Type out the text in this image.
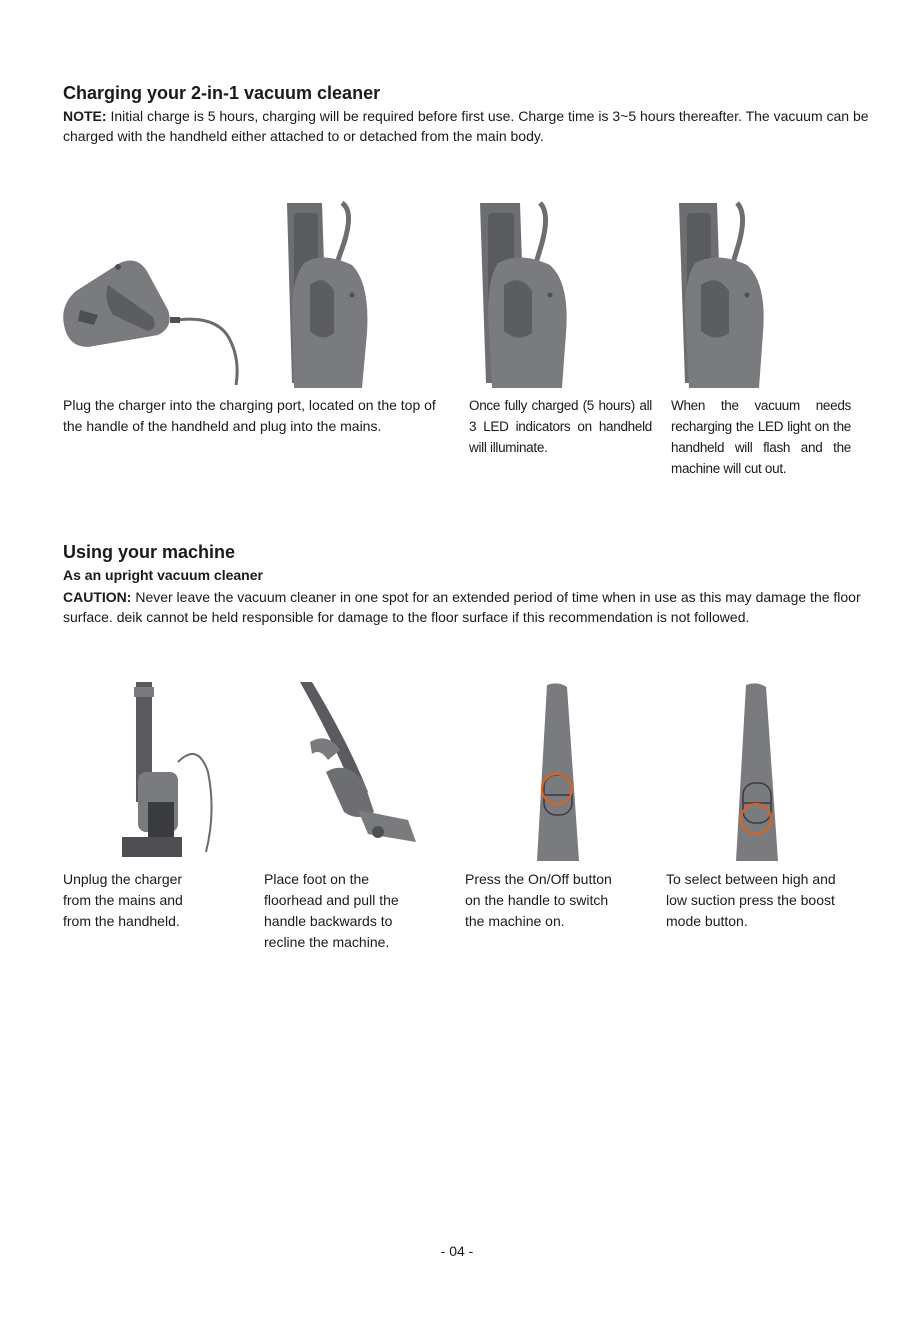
Charging your 2-in-1 vacuum cleaner
NOTE: Initial charge is 5 hours, charging will be required before first use. Charge time is 3~5 hours thereafter. The vacuum can be charged with the handheld either attached to or detached from the main body.
Plug the charger into the charging port, located on the top of the handle of the handheld and plug into the mains.
Once fully charged (5 hours) all 3 LED indicators on handheld will illuminate.
When the vacuum needs recharging the LED light on the handheld will flash and the machine will cut out.
Using your machine
As an upright vacuum cleaner
CAUTION: Never leave the vacuum cleaner in one spot for an extended period of time when in use as this may damage the floor surface. deik cannot be held responsible for damage to the floor surface if this recommendation is not followed.
Unplug the charger from the mains and from the handheld.
Place foot on the floorhead and pull the handle backwards to recline the machine.
Press the On/Off button on the handle to switch the machine on.
To select between high and low suction press the boost mode button.
- 04 -
